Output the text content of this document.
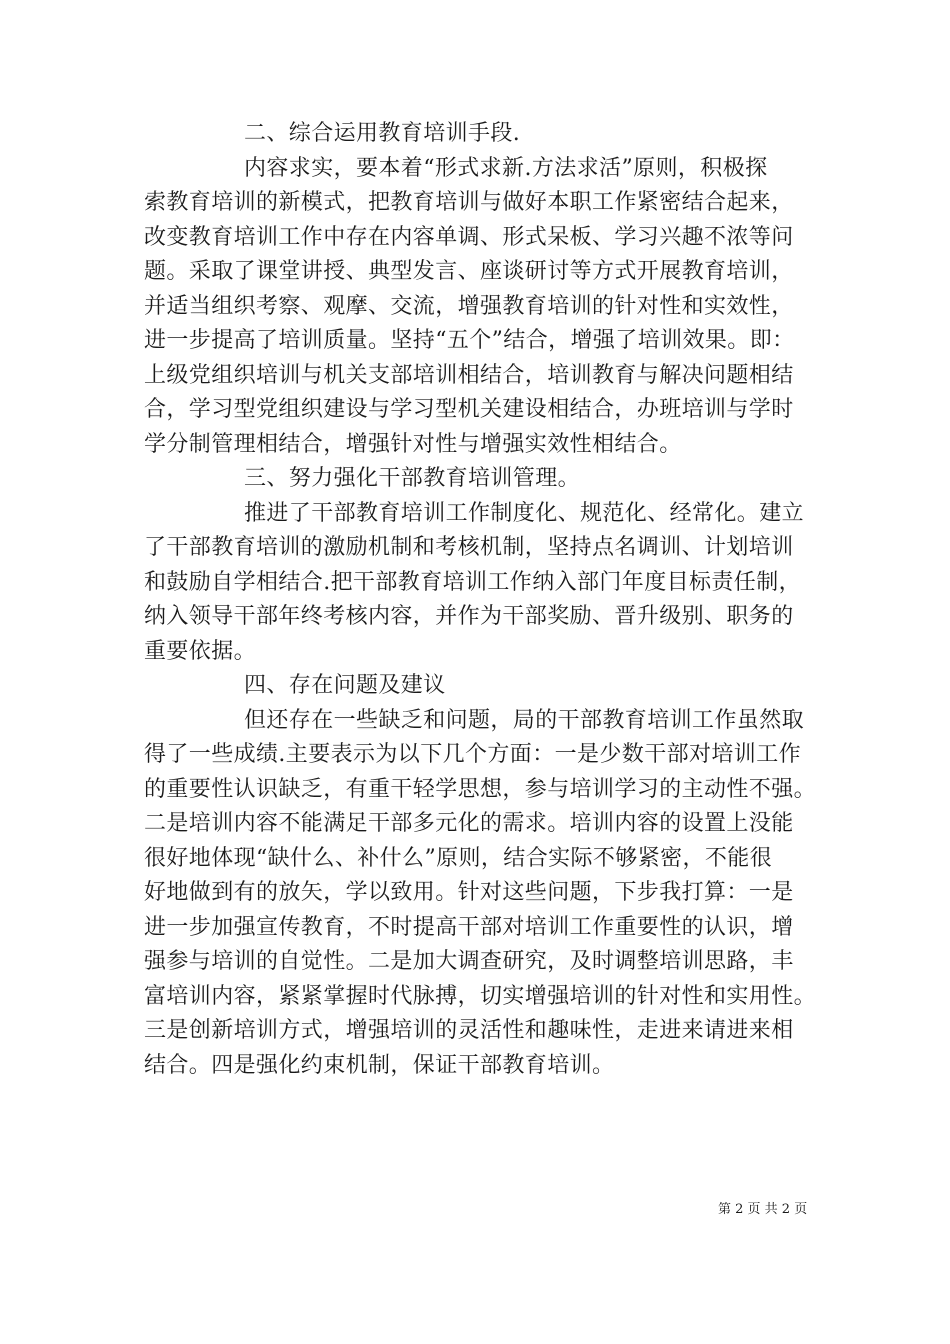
二、综合运用教育培训手段.
内容求实，要本着“形式求新.方法求活”原则，积极探
索教育培训的新模式，把教育培训与做好本职工作紧密结合起来，
改变教育培训工作中存在内容单调、形式呆板、学习兴趣不浓等问
题。采取了课堂讲授、典型发言、座谈研讨等方式开展教育培训，
并适当组织考察、观摩、交流，增强教育培训的针对性和实效性，
进一步提高了培训质量。坚持“五个”结合，增强了培训效果。即：
上级党组织培训与机关支部培训相结合，培训教育与解决问题相结
合，学习型党组织建设与学习型机关建设相结合，办班培训与学时
学分制管理相结合，增强针对性与增强实效性相结合。
三、努力强化干部教育培训管理。
推进了干部教育培训工作制度化、规范化、经常化。建立
了干部教育培训的激励机制和考核机制，坚持点名调训、计划培训
和鼓励自学相结合.把干部教育培训工作纳入部门年度目标责任制，
纳入领导干部年终考核内容，并作为干部奖励、晋升级别、职务的
重要依据。
四、存在问题及建议
但还存在一些缺乏和问题，局的干部教育培训工作虽然取
得了一些成绩.主要表示为以下几个方面：一是少数干部对培训工作
的重要性认识缺乏，有重干轻学思想，参与培训学习的主动性不强。
二是培训内容不能满足干部多元化的需求。培训内容的设置上没能
很好地体现“缺什么、补什么”原则，结合实际不够紧密，不能很
好地做到有的放矢，学以致用。针对这些问题，下步我打算：一是
进一步加强宣传教育，不时提高干部对培训工作重要性的认识，增
强参与培训的自觉性。二是加大调查研究，及时调整培训思路，丰
富培训内容，紧紧掌握时代脉搏，切实增强培训的针对性和实用性。
三是创新培训方式，增强培训的灵活性和趣味性，走进来请进来相
结合。四是强化约束机制，保证干部教育培训。
第 2 页 共 2 页
